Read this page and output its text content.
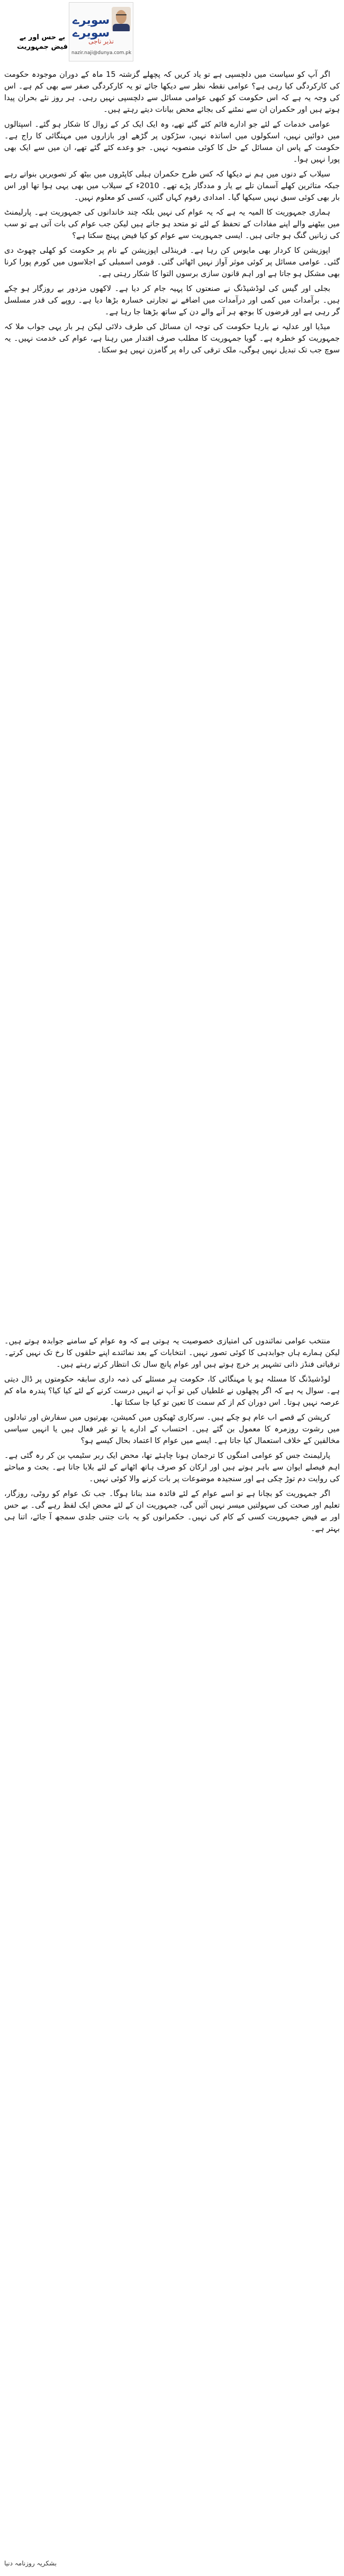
سویرے سویرے
نذیر ناجی
nazir.naji@dunya.com.pk
بے حس اور بے فیض جمہوریت

اگر آپ کو سیاست میں دلچسپی ہے تو یاد کریں کہ پچھلے گزشتہ 15 ماہ کے دوران موجودہ حکومت کی کارکردگی کیا رہی ہے؟ عوامی نقطہ نظر سے دیکھا جائے تو یہ کارکردگی صفر سے بھی کم ہے۔ اس کی وجہ یہ ہے کہ اس حکومت کو کبھی عوامی مسائل سے دلچسپی نہیں رہی۔ ہر روز نئے بحران پیدا ہوتے ہیں اور حکمران ان سے نمٹنے کی بجائے محض بیانات دیتے رہتے ہیں۔

عوامی خدمات کے لئے جو ادارے قائم کئے گئے تھے، وہ ایک ایک کر کے زوال کا شکار ہو گئے۔ اسپتالوں میں دوائیں نہیں، اسکولوں میں اساتذہ نہیں، سڑکوں پر گڑھے اور بازاروں میں مہنگائی کا راج ہے۔ حکومت کے پاس ان مسائل کے حل کا کوئی منصوبہ نہیں۔ جو وعدے کئے گئے تھے، ان میں سے ایک بھی پورا نہیں ہوا۔

سیلاب کے دنوں میں ہم نے دیکھا کہ کس طرح حکمران ہیلی کاپٹروں میں بیٹھ کر تصویریں بنواتے رہے جبکہ متاثرین کھلے آسمان تلے بے یار و مددگار پڑے تھے۔ 2010ء کے سیلاب میں بھی یہی ہوا تھا اور اس بار بھی کوئی سبق نہیں سیکھا گیا۔ امدادی رقوم کہاں گئیں، کسی کو معلوم نہیں۔

ہماری جمہوریت کا المیہ یہ ہے کہ یہ عوام کی نہیں بلکہ چند خاندانوں کی جمہوریت ہے۔ پارلیمنٹ میں بیٹھنے والے اپنے مفادات کے تحفظ کے لئے تو متحد ہو جاتے ہیں لیکن جب عوام کی بات آتی ہے تو سب کی زبانیں گنگ ہو جاتی ہیں۔ ایسی جمہوریت سے عوام کو کیا فیض پہنچ سکتا ہے؟

اپوزیشن کا کردار بھی مایوس کن رہا ہے۔ فرینڈلی اپوزیشن کے نام پر حکومت کو کھلی چھوٹ دی گئی۔ عوامی مسائل پر کوئی موثر آواز نہیں اٹھائی گئی۔ قومی اسمبلی کے اجلاسوں میں کورم پورا کرنا بھی مشکل ہو جاتا ہے اور اہم قانون سازی برسوں التوا کا شکار رہتی ہے۔

بجلی اور گیس کی لوڈشیڈنگ نے صنعتوں کا پہیہ جام کر دیا ہے۔ لاکھوں مزدور بے روزگار ہو چکے ہیں۔ برآمدات میں کمی اور درآمدات میں اضافے نے تجارتی خسارہ بڑھا دیا ہے۔ روپے کی قدر مسلسل گر رہی ہے اور قرضوں کا بوجھ ہر آنے والے دن کے ساتھ بڑھتا جا رہا ہے۔

میڈیا اور عدلیہ نے بارہا حکومت کی توجہ ان مسائل کی طرف دلائی لیکن ہر بار یہی جواب ملا کہ جمہوریت کو خطرہ ہے۔ گویا جمہوریت کا مطلب صرف اقتدار میں رہنا ہے، عوام کی خدمت نہیں۔ یہ سوچ جب تک تبدیل نہیں ہوگی، ملک ترقی کی راہ پر گامزن نہیں ہو سکتا۔

منتخب عوامی نمائندوں کی امتیازی خصوصیت یہ ہوتی ہے کہ وہ عوام کے سامنے جوابدہ ہوتے ہیں۔ لیکن ہمارے ہاں جوابدہی کا کوئی تصور نہیں۔ انتخابات کے بعد نمائندے اپنے حلقوں کا رخ تک نہیں کرتے۔ ترقیاتی فنڈز ذاتی تشہیر پر خرچ ہوتے ہیں اور عوام پانچ سال تک انتظار کرتے رہتے ہیں۔

لوڈشیڈنگ کا مسئلہ ہو یا مہنگائی کا، حکومت ہر مسئلے کی ذمہ داری سابقہ حکومتوں پر ڈال دیتی ہے۔ سوال یہ ہے کہ اگر پچھلوں نے غلطیاں کیں تو آپ نے انہیں درست کرنے کے لئے کیا کیا؟ پندرہ ماہ کم عرصہ نہیں ہوتا۔ اس دوران کم از کم سمت کا تعین تو کیا جا سکتا تھا۔

کرپشن کے قصے اب عام ہو چکے ہیں۔ سرکاری ٹھیکوں میں کمیشن، بھرتیوں میں سفارش اور تبادلوں میں رشوت روزمرہ کا معمول بن گئے ہیں۔ احتساب کے ادارے یا تو غیر فعال ہیں یا انہیں سیاسی مخالفین کے خلاف استعمال کیا جاتا ہے۔ ایسے میں عوام کا اعتماد بحال کیسے ہو؟

پارلیمنٹ جس کو عوامی امنگوں کا ترجمان ہونا چاہئے تھا، محض ایک ربر سٹیمپ بن کر رہ گئی ہے۔ اہم فیصلے ایوان سے باہر ہوتے ہیں اور ارکان کو صرف ہاتھ اٹھانے کے لئے بلایا جاتا ہے۔ بحث و مباحثے کی روایت دم توڑ چکی ہے اور سنجیدہ موضوعات پر بات کرنے والا کوئی نہیں۔

اگر جمہوریت کو بچانا ہے تو اسے عوام کے لئے فائدہ مند بنانا ہوگا۔ جب تک عوام کو روٹی، روزگار، تعلیم اور صحت کی سہولتیں میسر نہیں آئیں گی، جمہوریت ان کے لئے محض ایک لفظ رہے گی۔ بے حس اور بے فیض جمہوریت کسی کے کام کی نہیں۔ حکمرانوں کو یہ بات جتنی جلدی سمجھ آ جائے، اتنا ہی بہتر ہے۔

بشکریہ روزنامہ دنیا
